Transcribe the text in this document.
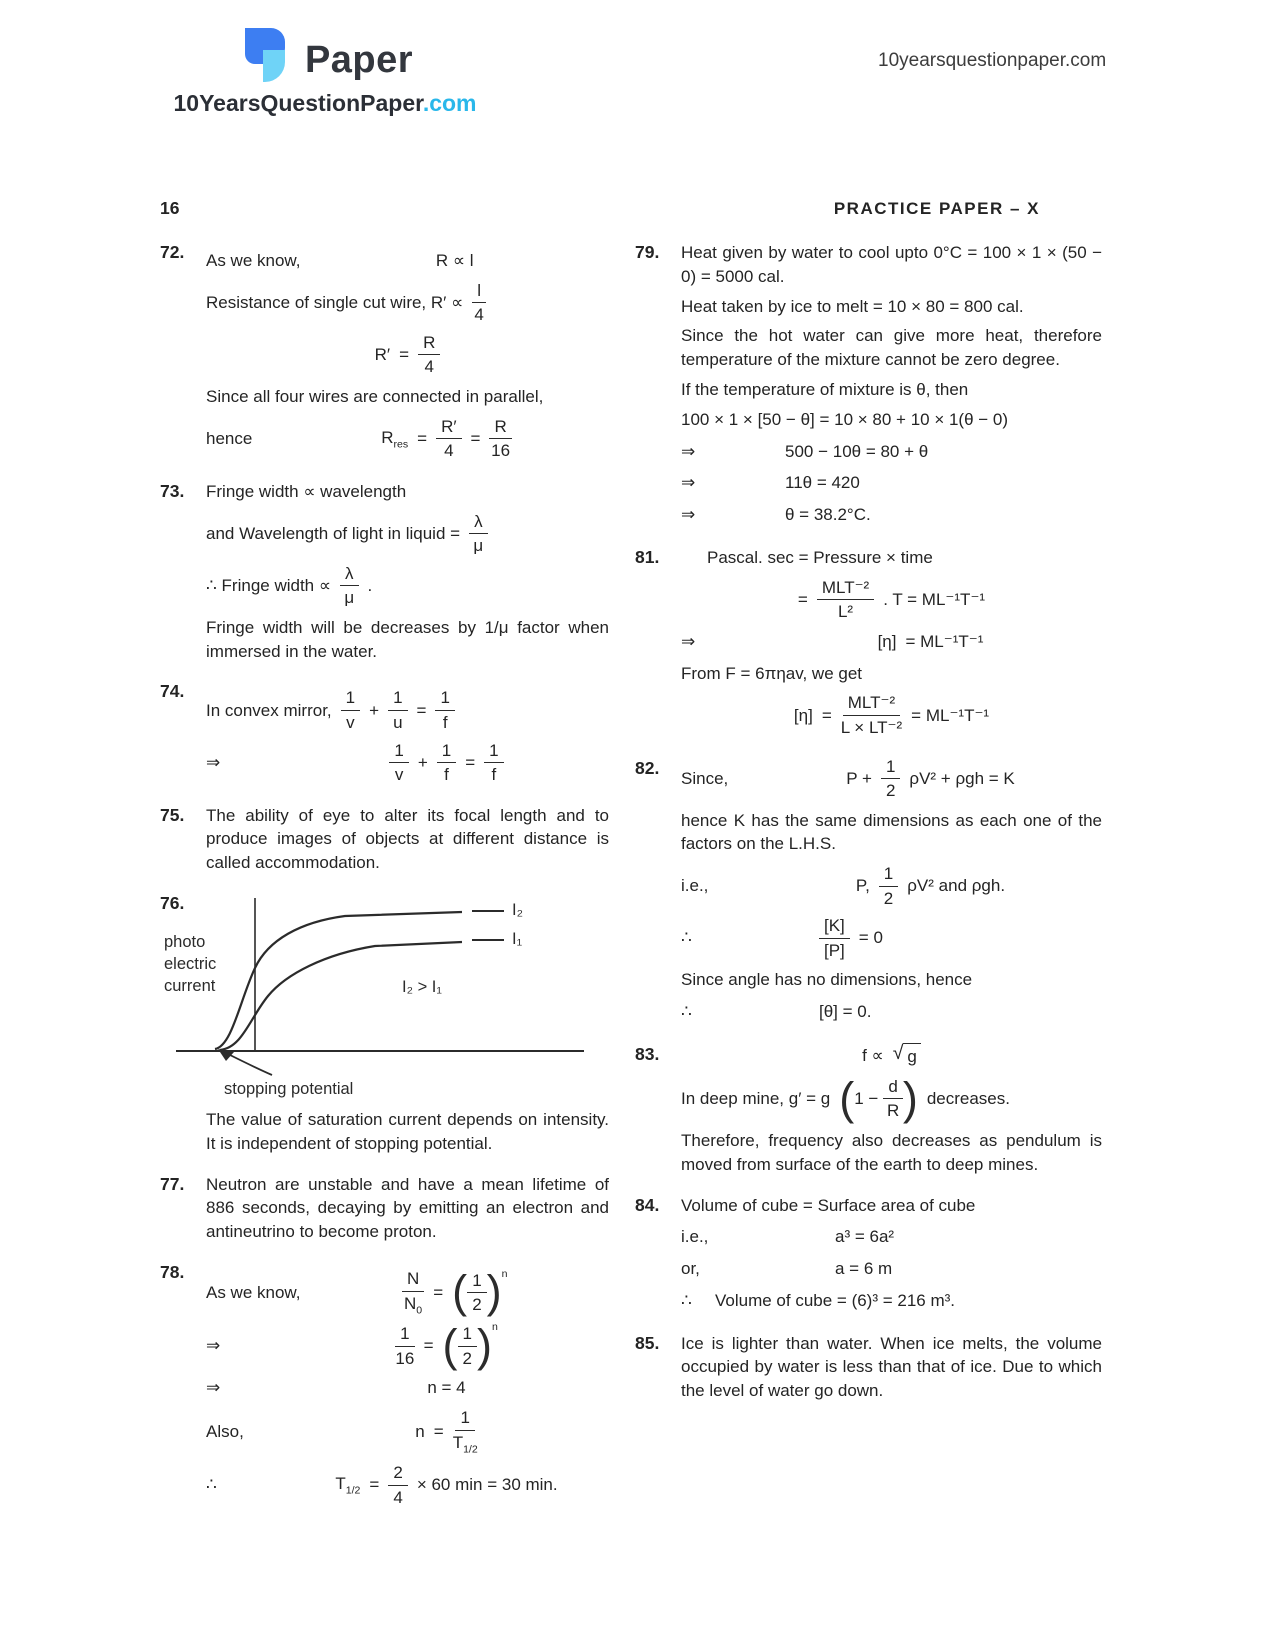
Paper
10YearsQuestionPaper.com
10yearsquestionpaper.com
16	PRACTICE PAPER – X
72.	As we know,	R ∝ l
Resistance of single cut wire, $R' \propto \frac{l}{4}$
$R' = \frac{R}{4}$

Since all four wires are connected in parallel,

hence	$R_{res} = \frac{R'}{4} = \frac{R}{16}$
73.	Fringe width ∝ wavelength

and Wavelength of light in liquid = $\frac{\lambda}{\mu}$
∴ Fringe width ∝ $\frac{\lambda}{\mu}$ .

Fringe width will be decreases by 1/μ factor when immersed in the water.

74.
In convex mirror, $\frac{1}{v} + \frac{1}{u} = \frac{1}{f}$
⇒	$\frac{1}{v} + \frac{1}{f} = \frac{1}{f}$
75.	The ability of eye to alter its focal length and to produce images of objects at different distance is called accommodation.

76.
photo
electric
current
I₂
I₁
I₂ > I₁
stopping potential

The value of saturation current depends on intensity. It is independent of stopping potential.

77.	Neutron are unstable and have a mean lifetime of 886 seconds, decaying by emitting an electron and antineutrino to become proton.

78.
As we know,	$\frac{N}{N_0}$ = ( $\frac{1}{2}$ ) $^n$
⇒	$\frac{1}{16}$ = ( $\frac{1}{2}$ ) $^n$
⇒	n = 4
Also,	$n = \frac{1}{T_{1/2}}$
∴	$T_{1/2} = \frac{2}{4} \times 60$ min = 30 min.
79.	Heat given by water to cool upto 0°C = 100 × 1 × (50 − 0) = 5000 cal.

Heat taken by ice to melt = 10 × 80 = 800 cal.

Since the hot water can give more heat, therefore temperature of the mixture cannot be zero degree.

If the temperature of mixture is θ, then

100 × 1 × [50 − θ] = 10 × 80 + 10 × 1(θ − 0)

⇒	500 − 10θ = 80 + θ
⇒	11θ = 420
⇒	θ = 38.2°C.
81.	Pascal. sec = Pressure × time
= $\frac{\text{MLT⁻²}}{\text{L²}}$ . T = ML⁻¹T⁻¹
⇒	[η] = ML⁻¹T⁻¹

From F = 6πηav, we get

$[\eta] = \frac{\text{MLT⁻²}}{\text{L × LT⁻²}} = ML^{-1}T^{-1}$
82.
Since,	$P + \frac{1}{2} \rho V^2 + \rho gh = K$

hence K has the same dimensions as each one of the factors on the L.H.S.

i.e.,	P, $\frac{1}{2} \rho V^2$ and ρgh.
∴	$\frac{[K]}{[P]} = 0$

Since angle has no dimensions, hence

∴	[θ] = 0.
83.	f ∝ √ g
In deep mine, g′ = g ( $1 - \frac{d}{R}$ ) decreases.

Therefore, frequency also decreases as pendulum is moved from surface of the earth to deep mines.

84.	Volume of cube = Surface area of cube

i.e.,	a³ = 6a²
or,	a = 6 m
∴	Volume of cube = (6)³ = 216 m³.
85.	Ice is lighter than water. When ice melts, the volume occupied by water is less than that of ice. Due to which the level of water go down.
